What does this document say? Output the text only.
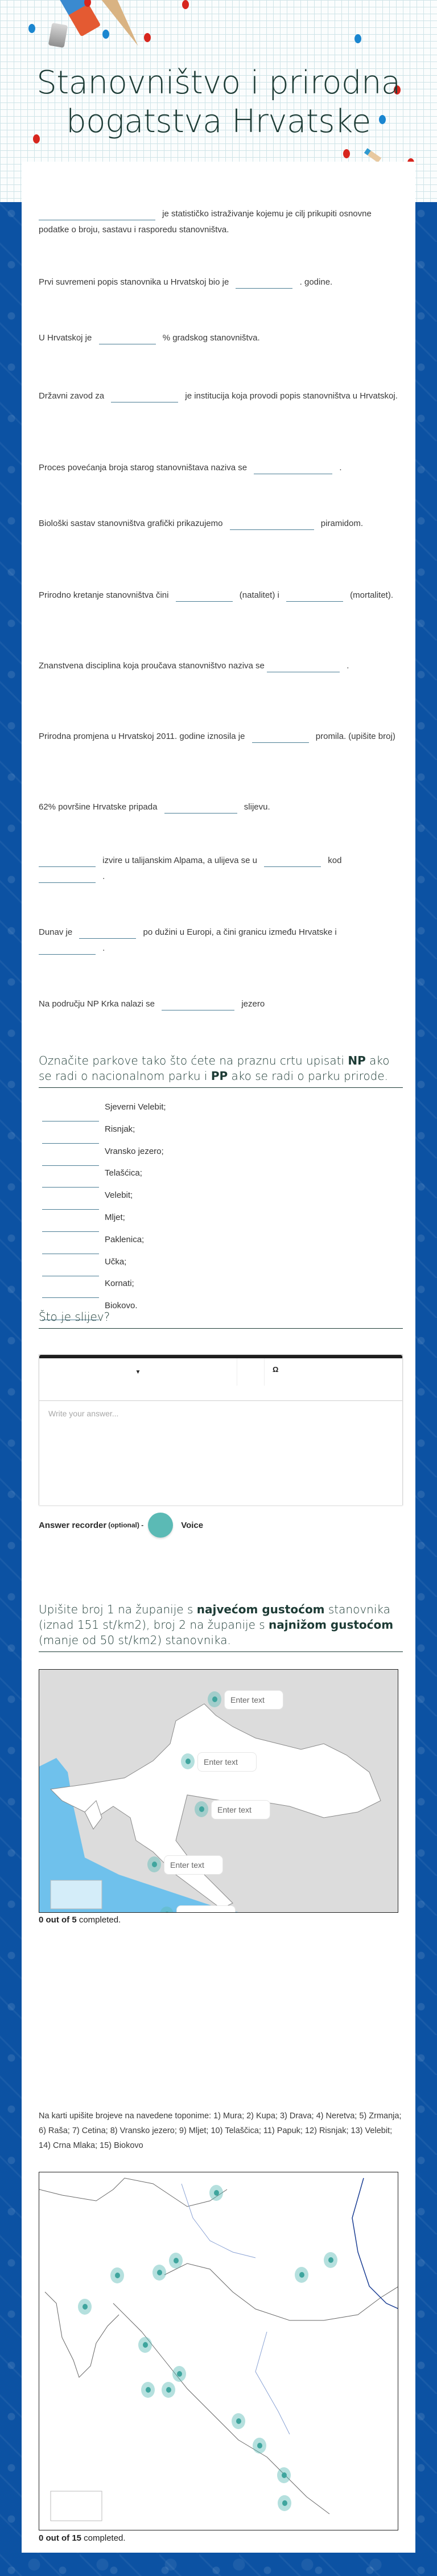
Stanovništvo i prirodna
bogatstva Hrvatske
je statističko istraživanje kojemu je cilj prikupiti osnovne podatke o broju, sastavu i rasporedu stanovništva.
Prvi suvremeni popis stanovnika u Hrvatskoj bio je	. godine.
U Hrvatskoj je	% gradskog stanovništva.
Državni zavod za	je institucija koja provodi popis stanovništva u Hrvatskoj.
Proces povećanja broja starog stanovništava naziva se	.
Biološki sastav stanovništva grafički prikazujemo	piramidom.
Prirodno kretanje stanovništva čini	(natalitet) i	(mortalitet).
Znanstvena disciplina koja proučava stanovništvo naziva se	.
Prirodna promjena u Hrvatskoj 2011. godine iznosila je	promila. (upišite broj)
62% površine Hrvatske pripada	slijevu.
izvire u talijanskim Alpama, a ulijeva se u	kod
.
Dunav je	po dužini u Europi, a čini granicu između Hrvatske i
.
Na području NP Krka nalazi se	jezero
Označite parkove tako što ćete na praznu crtu upisati NP ako se radi o nacionalnom parku i PP ako se radi o parku prirode.
Sjeverni Velebit;
Risnjak;
Vransko jezero;
Telašćica;
Velebit;
Mljet;
Paklenica;
Učka;
Kornati;
Biokovo.
Što je slijev?
▼	Ω
Write your answer...
Answer recorder (optional) -	Voice
Upišite broj 1 na županije s najvećom gustoćom stanovnika (iznad 151 st/km2), broj 2 na županije s najnižom gustoćom (manje od 50 st/km2) stanovnika.

Enter text
Enter text
Enter text
Enter text
Enter text
0 out of 5 completed.
Na karti upišite brojeve na navedene toponime: 1) Mura; 2) Kupa; 3) Drava; 4) Neretva; 5) Zrmanja; 6) Raša; 7) Cetina; 8) Vransko jezero; 9) Mljet; 10) Telaščica; 11) Papuk; 12) Risnjak; 13) Velebit; 14) Crna Mlaka; 15) Biokovo
0 out of 15 completed.
